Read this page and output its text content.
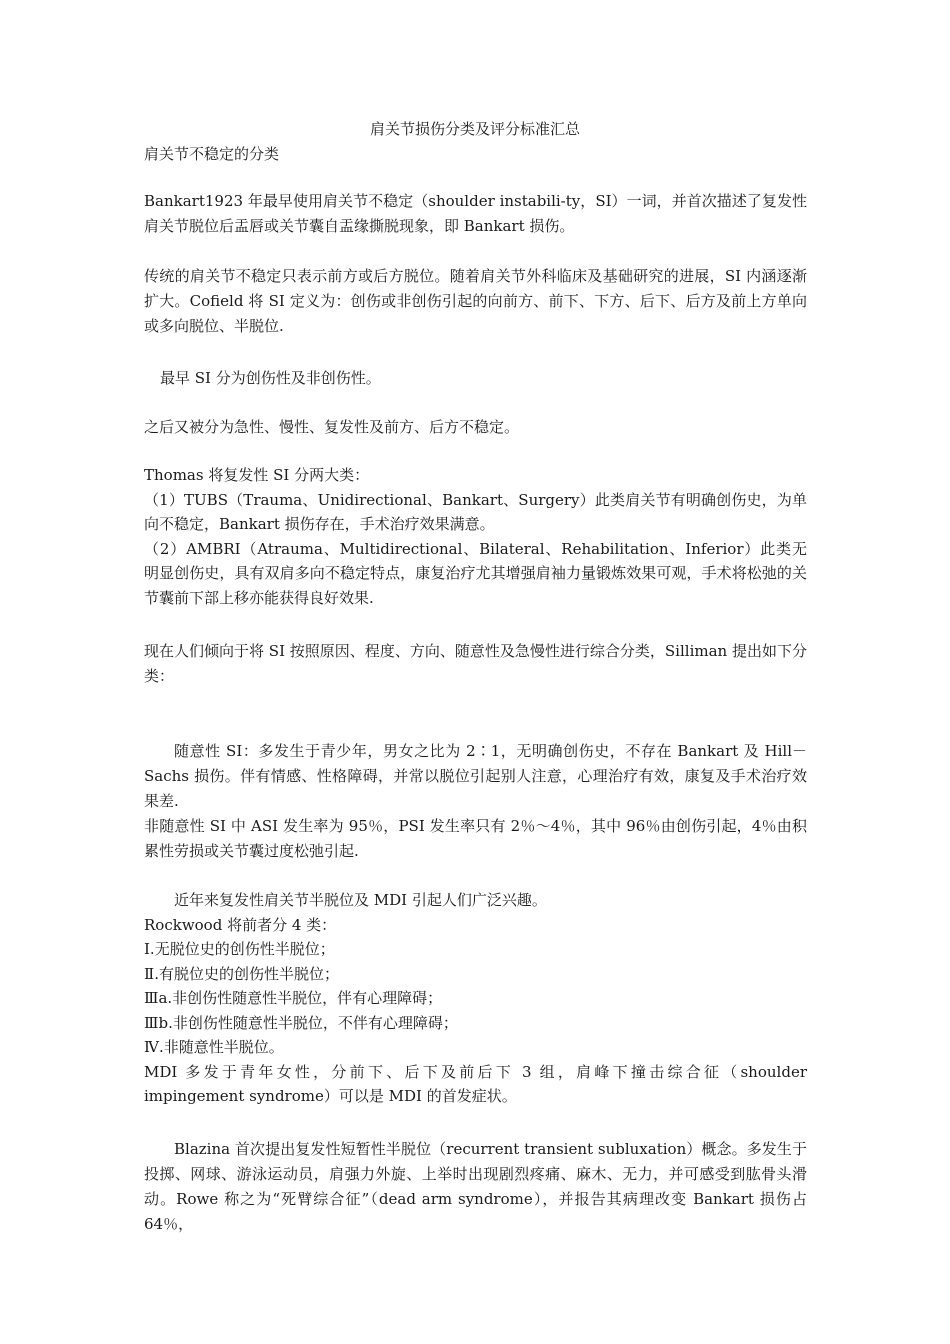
肩关节损伤分类及评分标准汇总

肩关节不稳定的分类

Bankart1923 年最早使用肩关节不稳定（shoulder instabili-ty，SI）一词，并首次描述了复发性肩关节脱位后盂唇或关节囊自盂缘撕脱现象，即 Bankart 损伤。

传统的肩关节不稳定只表示前方或后方脱位。随着肩关节外科临床及基础研究的进展，SI 内涵逐渐扩大。Cofield 将 SI 定义为：创伤或非创伤引起的向前方、前下、下方、后下、后方及前上方单向或多向脱位、半脱位.

最早 SI 分为创伤性及非创伤性。

之后又被分为急性、慢性、复发性及前方、后方不稳定。

Thomas 将复发性 SI 分两大类：
（1）TUBS（Trauma、Unidirectional、Bankart、Surgery）此类肩关节有明确创伤史，为单向不稳定，Bankart 损伤存在，手术治疗效果满意。
（2）AMBRI（Atrauma、Multidirectional、Bilateral、Rehabilitation、Inferior）此类无明显创伤史，具有双肩多向不稳定特点，康复治疗尤其增强肩袖力量锻炼效果可观，手术将松弛的关节囊前下部上移亦能获得良好效果.

现在人们倾向于将 SI 按照原因、程度、方向、随意性及急慢性进行综合分类，Silliman 提出如下分类：

随意性 SI：多发生于青少年，男女之比为 2∶1，无明确创伤史，不存在 Bankart 及 Hill－Sachs 损伤。伴有情感、性格障碍，并常以脱位引起别人注意，心理治疗有效，康复及手术治疗效果差.

非随意性 SI 中 ASI 发生率为 95％，PSI 发生率只有 2％～4％，其中 96％由创伤引起，4％由积累性劳损或关节囊过度松弛引起.

近年来复发性肩关节半脱位及 MDI 引起人们广泛兴趣。
Rockwood 将前者分 4 类：
Ⅰ.无脱位史的创伤性半脱位；
Ⅱ.有脱位史的创伤性半脱位；
Ⅲa.非创伤性随意性半脱位，伴有心理障碍；
Ⅲb.非创伤性随意性半脱位，不伴有心理障碍；
Ⅳ.非随意性半脱位。
MDI 多发于青年女性，分前下、后下及前后下 3 组，肩峰下撞击综合征（shoulder impingement syndrome）可以是 MDI 的首发症状。

Blazina 首次提出复发性短暂性半脱位（recurrent transient subluxation）概念。多发生于投掷、网球、游泳运动员，肩强力外旋、上举时出现剧烈疼痛、麻木、无力，并可感受到肱骨头滑动。Rowe 称之为“死臂综合征”（dead arm syndrome），并报告其病理改变 Bankart 损伤占 64％，
